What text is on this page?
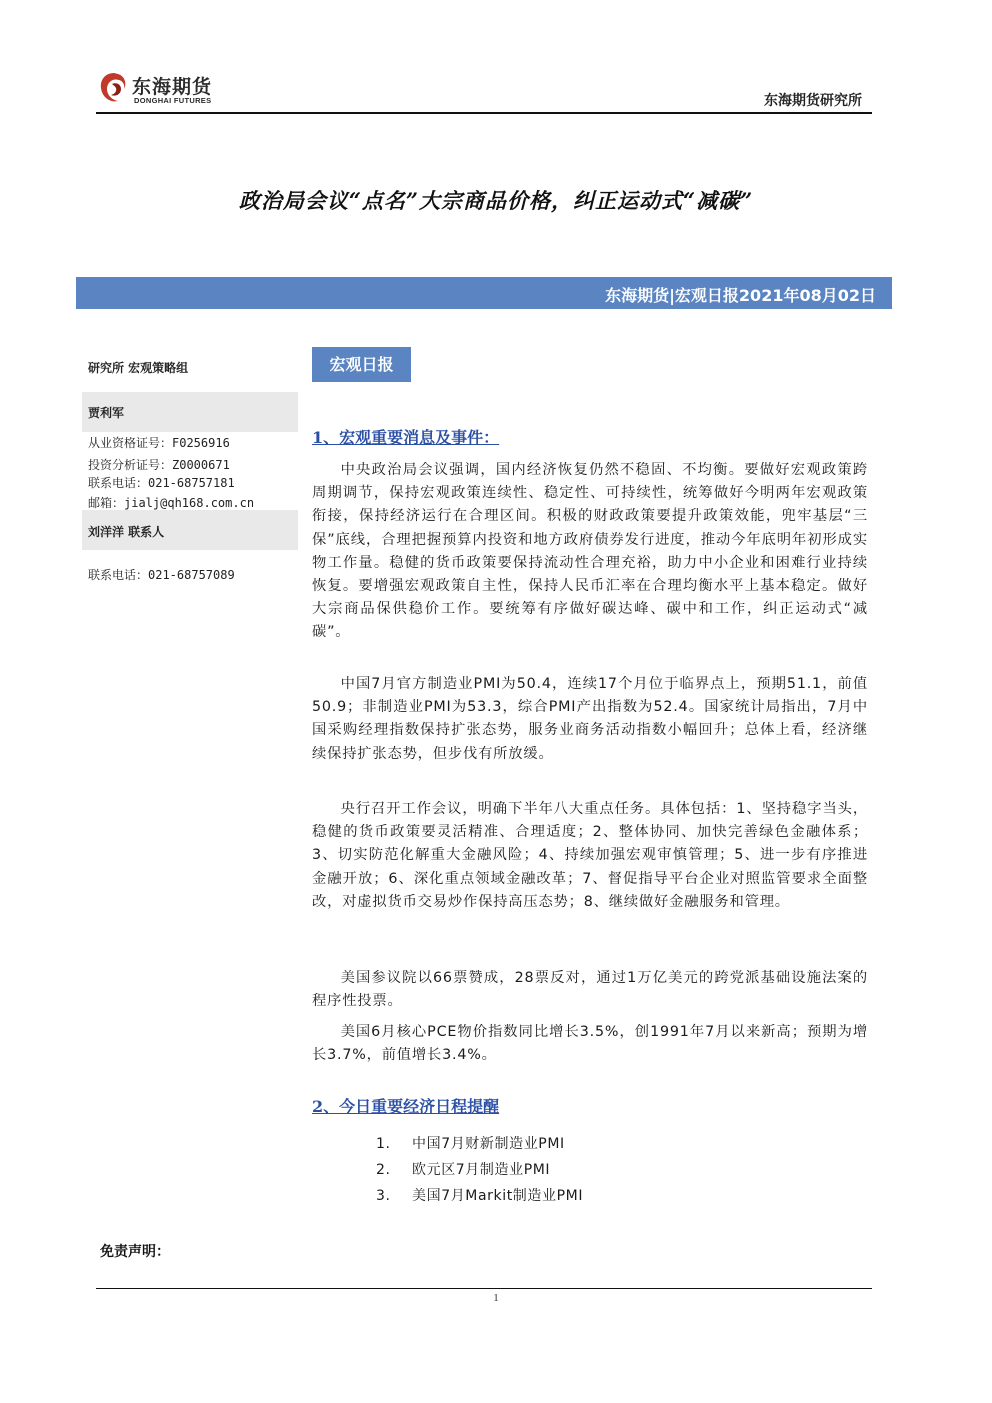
东海期货
DONGHAI FUTURES	东海期货研究所
政治局会议“点名”大宗商品价格，纠正运动式“减碳”
东海期货|宏观日报2021年08月02日
研究所 宏观策略组
贾利军
从业资格证号：F0256916
投资分析证号：Z0000671
联系电话：021-68757181
邮箱：jialj@qh168.com.cn
刘洋洋 联系人
联系电话：021-68757089
宏观日报
1、宏观重要消息及事件：
中央政治局会议强调，国内经济恢复仍然不稳固、不均衡。要做好宏观政策跨周期调节，保持宏观政策连续性、稳定性、可持续性，统筹做好今明两年宏观政策衔接，保持经济运行在合理区间。积极的财政政策要提升政策效能，兜牢基层“三保”底线，合理把握预算内投资和地方政府债券发行进度，推动今年底明年初形成实物工作量。稳健的货币政策要保持流动性合理充裕，助力中小企业和困难行业持续恢复。要增强宏观政策自主性，保持人民币汇率在合理均衡水平上基本稳定。做好大宗商品保供稳价工作。要统筹有序做好碳达峰、碳中和工作，纠正运动式“减碳”。
中国7月官方制造业PMI为50.4，连续17个月位于临界点上，预期51.1，前值50.9；非制造业PMI为53.3，综合PMI产出指数为52.4。国家统计局指出，7月中国采购经理指数保持扩张态势，服务业商务活动指数小幅回升；总体上看，经济继续保持扩张态势，但步伐有所放缓。
央行召开工作会议，明确下半年八大重点任务。具体包括：1、坚持稳字当头，稳健的货币政策要灵活精准、合理适度；2、整体协同、加快完善绿色金融体系；3、切实防范化解重大金融风险；4、持续加强宏观审慎管理；5、进一步有序推进金融开放；6、深化重点领域金融改革；7、督促指导平台企业对照监管要求全面整改，对虚拟货币交易炒作保持高压态势；8、继续做好金融服务和管理。
美国参议院以66票赞成，28票反对，通过1万亿美元的跨党派基础设施法案的程序性投票。
美国6月核心PCE物价指数同比增长3.5%，创1991年7月以来新高；预期为增长3.7%，前值增长3.4%。
2、今日重要经济日程提醒
1. 中国7月财新制造业PMI
2. 欧元区7月制造业PMI
3. 美国7月Markit制造业PMI
免责声明：
1
